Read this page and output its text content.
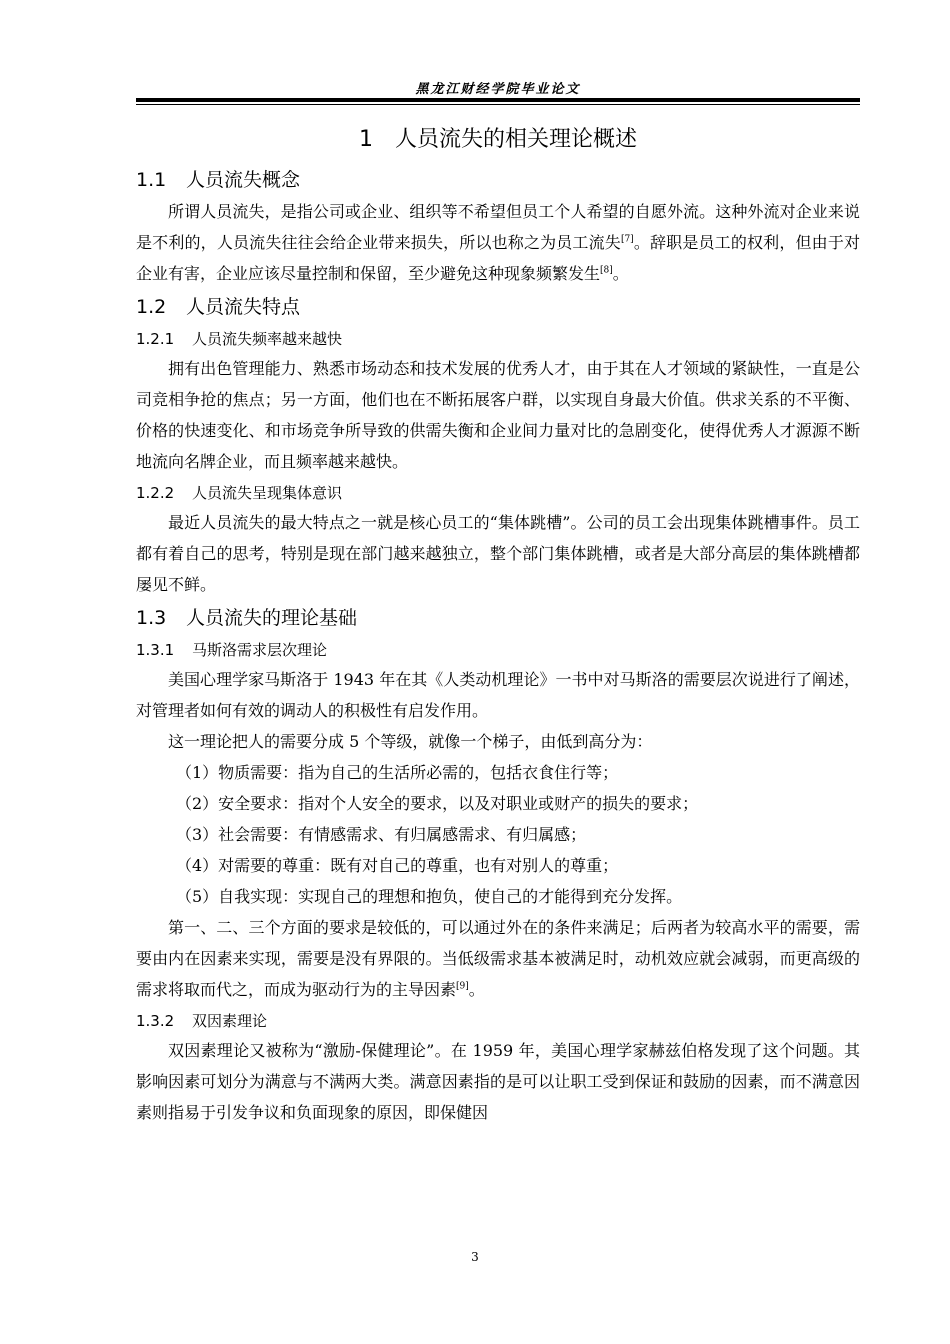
黑龙江财经学院毕业论文
1 人员流失的相关理论概述
1.1 人员流失概念

所谓人员流失，是指公司或企业、组织等不希望但员工个人希望的自愿外流。这种外流对企业来说是不利的，人员流失往往会给企业带来损失，所以也称之为员工流失[7]。辞职是员工的权利，但由于对企业有害，企业应该尽量控制和保留，至少避免这种现象频繁发生[8]。

1.2 人员流失特点
1.2.1 人员流失频率越来越快

拥有出色管理能力、熟悉市场动态和技术发展的优秀人才，由于其在人才领域的紧缺性，一直是公司竞相争抢的焦点；另一方面，他们也在不断拓展客户群，以实现自身最大价值。供求关系的不平衡、价格的快速变化、和市场竞争所导致的供需失衡和企业间力量对比的急剧变化，使得优秀人才源源不断地流向名牌企业，而且频率越来越快。

1.2.2 人员流失呈现集体意识

最近人员流失的最大特点之一就是核心员工的“集体跳槽”。公司的员工会出现集体跳槽事件。员工都有着自己的思考，特别是现在部门越来越独立，整个部门集体跳槽，或者是大部分高层的集体跳槽都屡见不鲜。

1.3 人员流失的理论基础
1.3.1 马斯洛需求层次理论

美国心理学家马斯洛于 1943 年在其《人类动机理论》一书中对马斯洛的需要层次说进行了阐述，对管理者如何有效的调动人的积极性有启发作用。

这一理论把人的需要分成 5 个等级，就像一个梯子，由低到高分为：

（1）物质需要：指为自己的生活所必需的，包括衣食住行等；

（2）安全要求：指对个人安全的要求，以及对职业或财产的损失的要求；

（3）社会需要：有情感需求、有归属感需求、有归属感；

（4）对需要的尊重：既有对自己的尊重，也有对别人的尊重；

（5）自我实现：实现自己的理想和抱负，使自己的才能得到充分发挥。

第一、二、三个方面的要求是较低的，可以通过外在的条件来满足；后两者为较高水平的需要，需要由内在因素来实现，需要是没有界限的。当低级需求基本被满足时，动机效应就会减弱，而更高级的需求将取而代之，而成为驱动行为的主导因素[9]。

1.3.2 双因素理论

双因素理论又被称为“激励-保健理论”。在 1959 年，美国心理学家赫兹伯格发现了这个问题。其影响因素可划分为满意与不满两大类。满意因素指的是可以让职工受到保证和鼓励的因素，而不满意因素则指易于引发争议和负面现象的原因，即保健因

3
